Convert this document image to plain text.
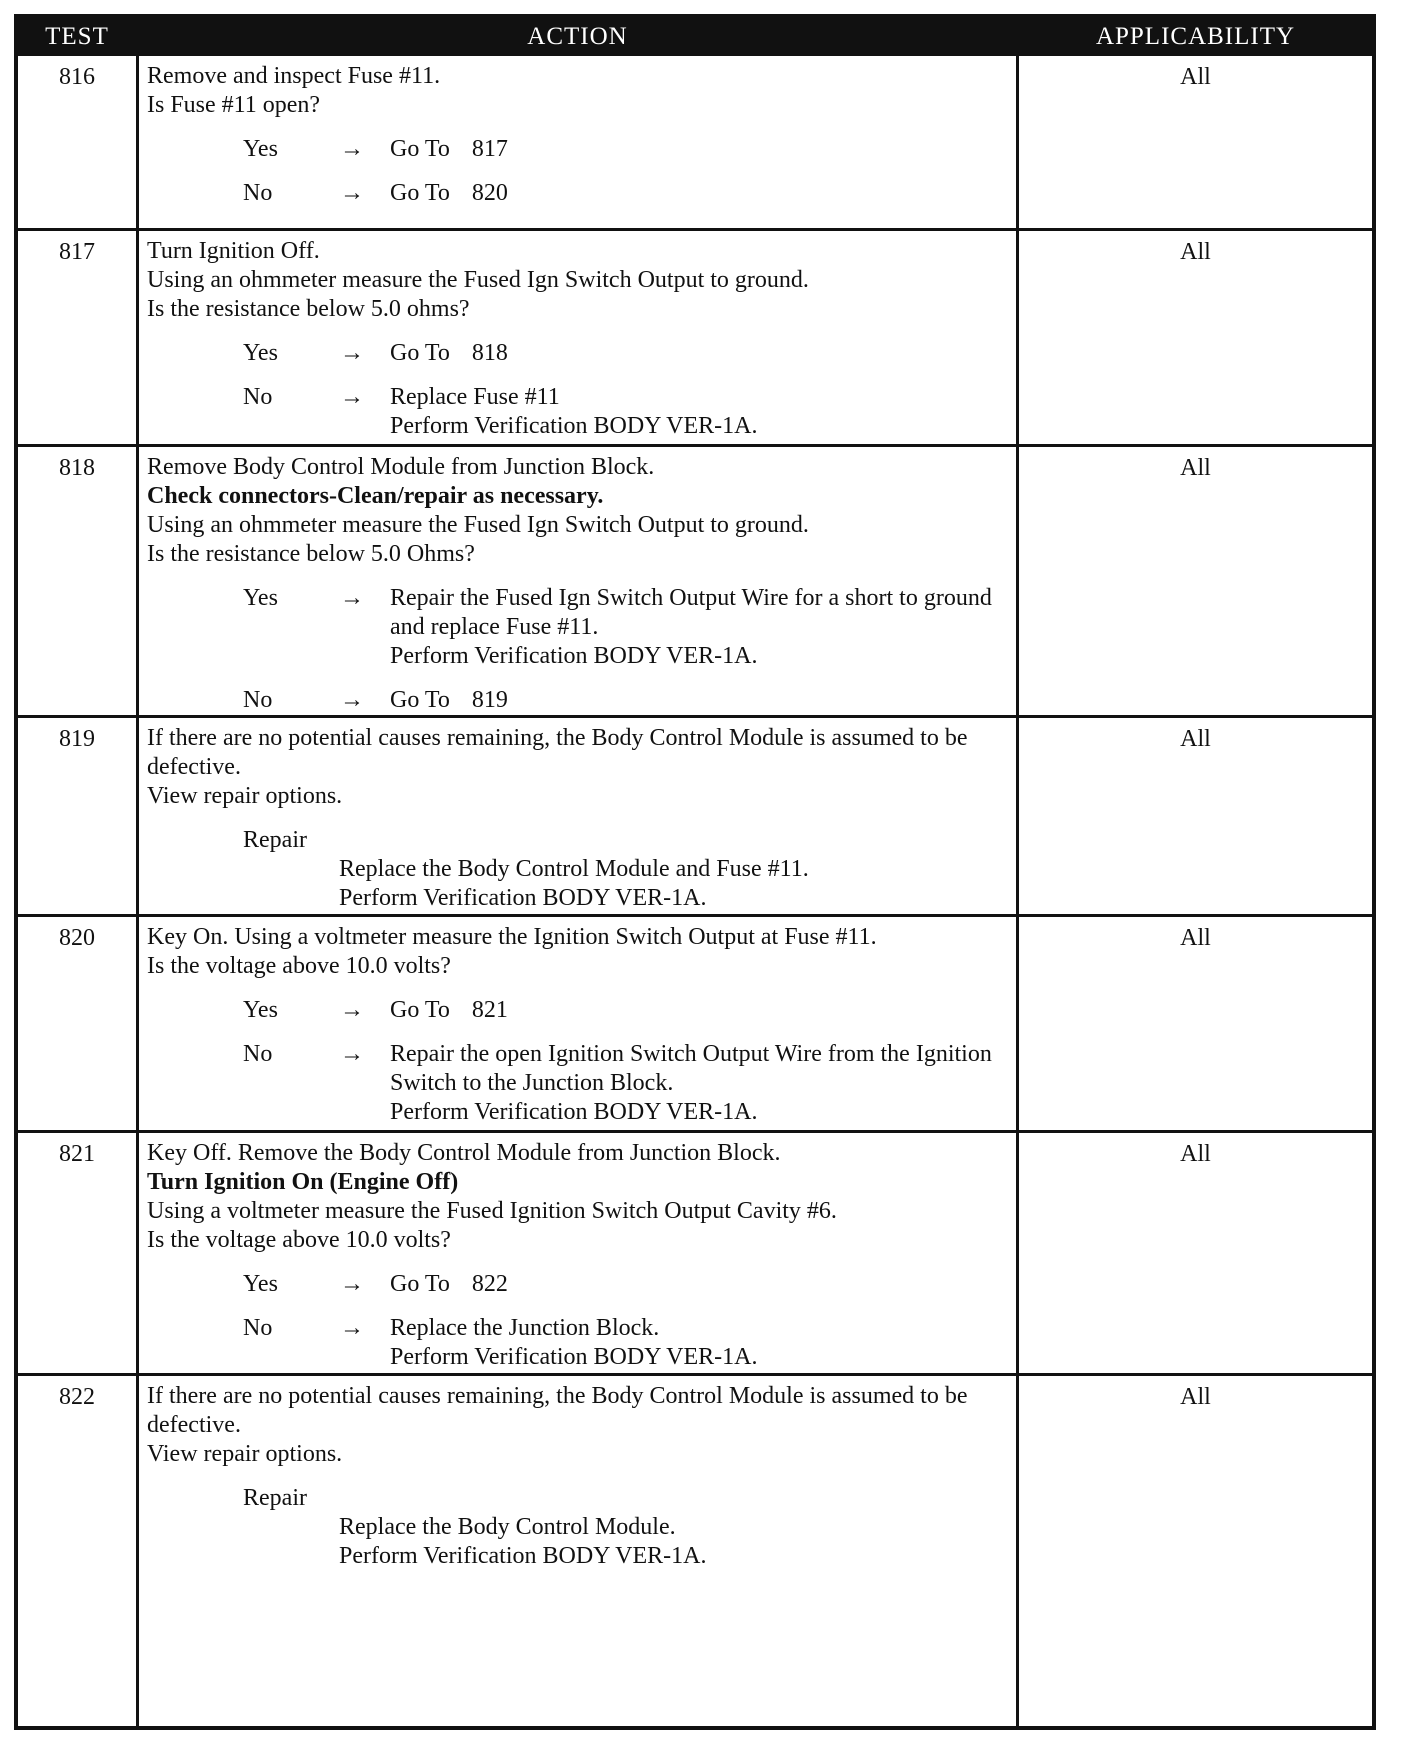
TEST	ACTION	APPLICABILITY
816	Remove and inspect Fuse #11.
Is Fuse #11 open?
Yes	→	Go To 817
No	→	Go To 820
All
817	Turn Ignition Off.
Using an ohmmeter measure the Fused Ign Switch Output to ground.
Is the resistance below 5.0 ohms?
Yes	→	Go To 818
No	→	Replace Fuse #11
Perform Verification BODY VER-1A.
All
818	Remove Body Control Module from Junction Block.
Check connectors-Clean/repair as necessary.
Using an ohmmeter measure the Fused Ign Switch Output to ground.
Is the resistance below 5.0 Ohms?
Yes	→	Repair the Fused Ign Switch Output Wire for a short to ground
and replace Fuse #11.
Perform Verification BODY VER-1A.
No	→	Go To 819
All
819	If there are no potential causes remaining, the Body Control Module is assumed to be
defective.
View repair options.
Repair
Replace the Body Control Module and Fuse #11.
Perform Verification BODY VER-1A.
All
820	Key On. Using a voltmeter measure the Ignition Switch Output at Fuse #11.
Is the voltage above 10.0 volts?
Yes	→	Go To 821
No	→	Repair the open Ignition Switch Output Wire from the Ignition
Switch to the Junction Block.
Perform Verification BODY VER-1A.
All
821	Key Off. Remove the Body Control Module from Junction Block.
Turn Ignition On (Engine Off)
Using a voltmeter measure the Fused Ignition Switch Output Cavity #6.
Is the voltage above 10.0 volts?
Yes	→	Go To 822
No	→	Replace the Junction Block.
Perform Verification BODY VER-1A.
All
822	If there are no potential causes remaining, the Body Control Module is assumed to be
defective.
View repair options.
Repair
Replace the Body Control Module.
Perform Verification BODY VER-1A.
All
